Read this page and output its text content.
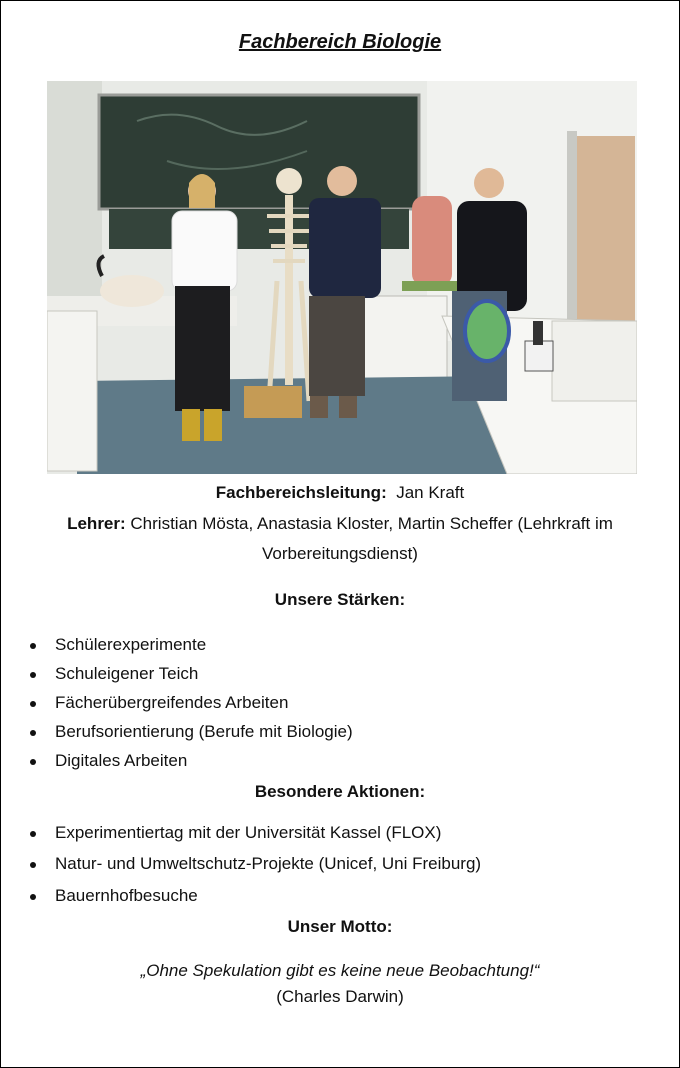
Fachbereich Biologie
Fachbereichsleitung: Jan Kraft
Lehrer: Christian Mösta, Anastasia Kloster, Martin Scheffer (Lehrkraft im
Vorbereitungsdienst)
Unsere Stärken:
Schülerexperimente
Schuleigener Teich
Fächerübergreifendes Arbeiten
Berufsorientierung (Berufe mit Biologie)
Digitales Arbeiten
Besondere Aktionen:
Experimentiertag mit der Universität Kassel (FLOX)
Natur- und Umweltschutz-Projekte (Unicef, Uni Freiburg)
Bauernhofbesuche
Unser Motto:
„Ohne Spekulation gibt es keine neue Beobachtung!“
(Charles Darwin)
